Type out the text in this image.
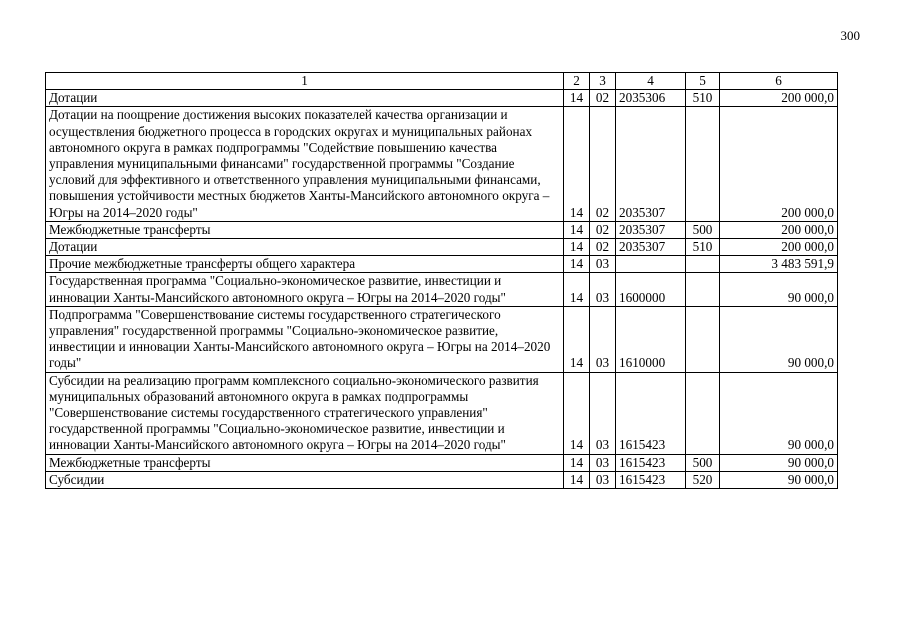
300
1	2	3	4	5	6
Дотации	14	02	2035306	510	200 000,0
Дотации на поощрение достижения высоких показателей качества организации и осуществления бюджетного процесса в городских округах и муниципальных районах автономного округа в рамках подпрограммы "Содействие повышению качества управления муниципальными финансами" государственной программы "Создание условий для эффективного и ответственного управления муниципальными финансами, повышения устойчивости местных бюджетов Ханты-Мансийского автономного округа – Югры на 2014–2020 годы"	14	02	2035307		200 000,0
Межбюджетные трансферты	14	02	2035307	500	200 000,0
Дотации	14	02	2035307	510	200 000,0
Прочие межбюджетные трансферты общего характера	14	03			3 483 591,9
Государственная программа "Социально-экономическое развитие, инвестиции и инновации Ханты-Мансийского автономного округа – Югры на 2014–2020 годы"	14	03	1600000		90 000,0
Подпрограмма "Совершенствование системы государственного стратегического управления" государственной программы "Социально-экономическое развитие, инвестиции и инновации Ханты-Мансийского автономного округа – Югры на 2014–2020 годы"	14	03	1610000		90 000,0
Субсидии на реализацию программ комплексного социально-экономического развития муниципальных образований автономного округа в рамках подпрограммы "Совершенствование системы государственного стратегического управления" государственной программы "Социально-экономическое развитие, инвестиции и инновации Ханты-Мансийского автономного округа – Югры на 2014–2020 годы"	14	03	1615423		90 000,0
Межбюджетные трансферты	14	03	1615423	500	90 000,0
Субсидии	14	03	1615423	520	90 000,0
